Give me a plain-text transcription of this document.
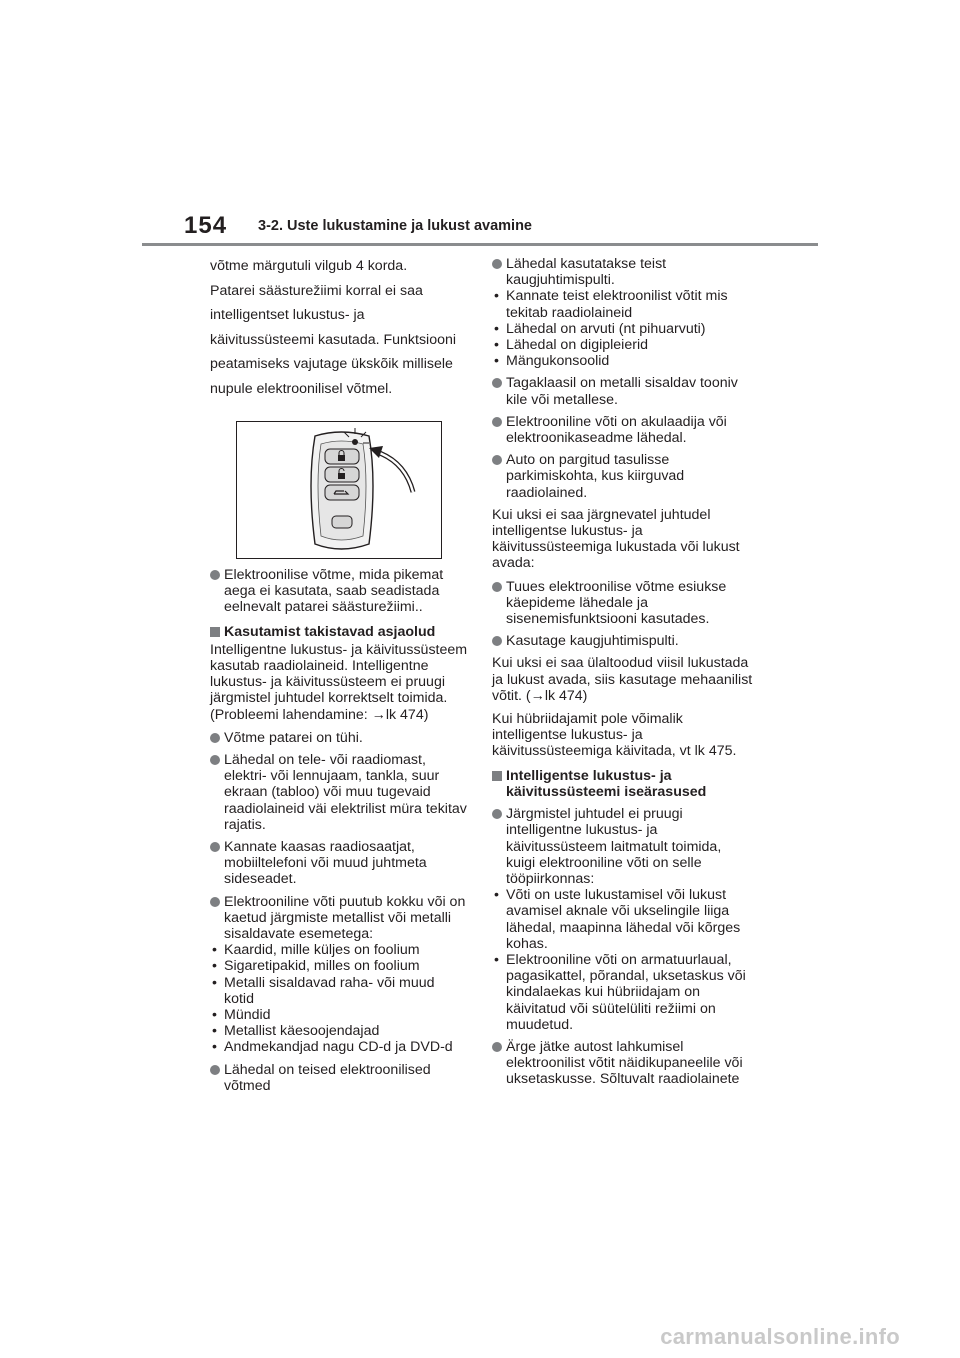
154 3-2. Uste lukustamine ja lukust avamine

võtme märgutuli vilgub 4 korda.

Patarei säästurežiimi korral ei saa

intelligentset lukustus- ja

käivitussüsteemi kasutada. Funktsiooni

peatamiseks vajutage ükskõik millisele

nupule elektroonilisel võtmel.

Elektroonilise võtme, mida pikemat aega ei kasutata, saab seadistada eelnevalt patarei säästurežiimi..
Kasutamist takistavad asjaolud

Intelligentne lukustus- ja käivitussüsteem kasutab raadiolaineid. Intelligentne lukustus- ja käivitussüsteem ei pruugi järgmistel juhtudel korrektselt toimida. (Probleemi lahendamine: →lk 474)

Võtme patarei on tühi.
Lähedal on tele- või raadiomast, elektri- või lennujaam, tankla, suur ekraan (tabloo) või muu tugevaid raadiolaineid väi elektrilist müra tekitav rajatis.
Kannate kaasas raadiosaatjat, mobiiltelefoni või muud juhtmeta sideseadet.
Elektrooniline võti puutub kokku või on kaetud järgmiste metallist või metalli sisaldavate esemetega:
• Kaardid, mille küljes on foolium
• Sigaretipakid, milles on foolium
• Metalli sisaldavad raha- või muud kotid
• Mündid
• Metallist käesoojendajad
• Andmekandjad nagu CD-d ja DVD-d
Lähedal on teised elektroonilised võtmed
Lähedal kasutatakse teist kaugjuhtimispulti.
• Kannate teist elektroonilist võtit mis tekitab raadiolaineid
• Lähedal on arvuti (nt pihuarvuti)
• Lähedal on digipleierid
• Mängukonsoolid
Tagaklaasil on metalli sisaldav tooniv kile või metallese.
Elektrooniline võti on akulaadija või elektroonikaseadme lähedal.
Auto on pargitud tasulisse parkimiskohta, kus kiirguvad raadiolained.

Kui uksi ei saa järgnevatel juhtudel intelligentse lukustus- ja käivitussüsteemiga lukustada või lukust avada:

Tuues elektroonilise võtme esiukse käepideme lähedale ja sisenemisfunktsiooni kasutades.
Kasutage kaugjuhtimispulti.

Kui uksi ei saa ülaltoodud viisil lukustada ja lukust avada, siis kasutage mehaanilist võtit. (→lk 474)

Kui hübriidajamit pole võimalik intelligentse lukustus- ja käivitussüsteemiga käivitada, vt lk 475.

Intelligentse lukustus- ja käivitussüsteemi iseärasused
Järgmistel juhtudel ei pruugi intelligentne lukustus- ja käivitussüsteem laitmatult toimida, kuigi elektrooniline võti on selle tööpiirkonnas:
• Võti on uste lukustamisel või lukust avamisel aknale või ukselingile liiga lähedal, maapinna lähedal või kõrges kohas.
• Elektrooniline võti on armatuurlaual, pagasikattel, põrandal, uksetaskus või kindalaekas kui hübriidajam on käivitatud või süütelüliti režiimi on muudetud.
Ärge jätke autost lahkumisel elektroonilist võtit näidikupaneelile või uksetaskusse. Sõltuvalt raadiolainete
carmanualsonline.info
